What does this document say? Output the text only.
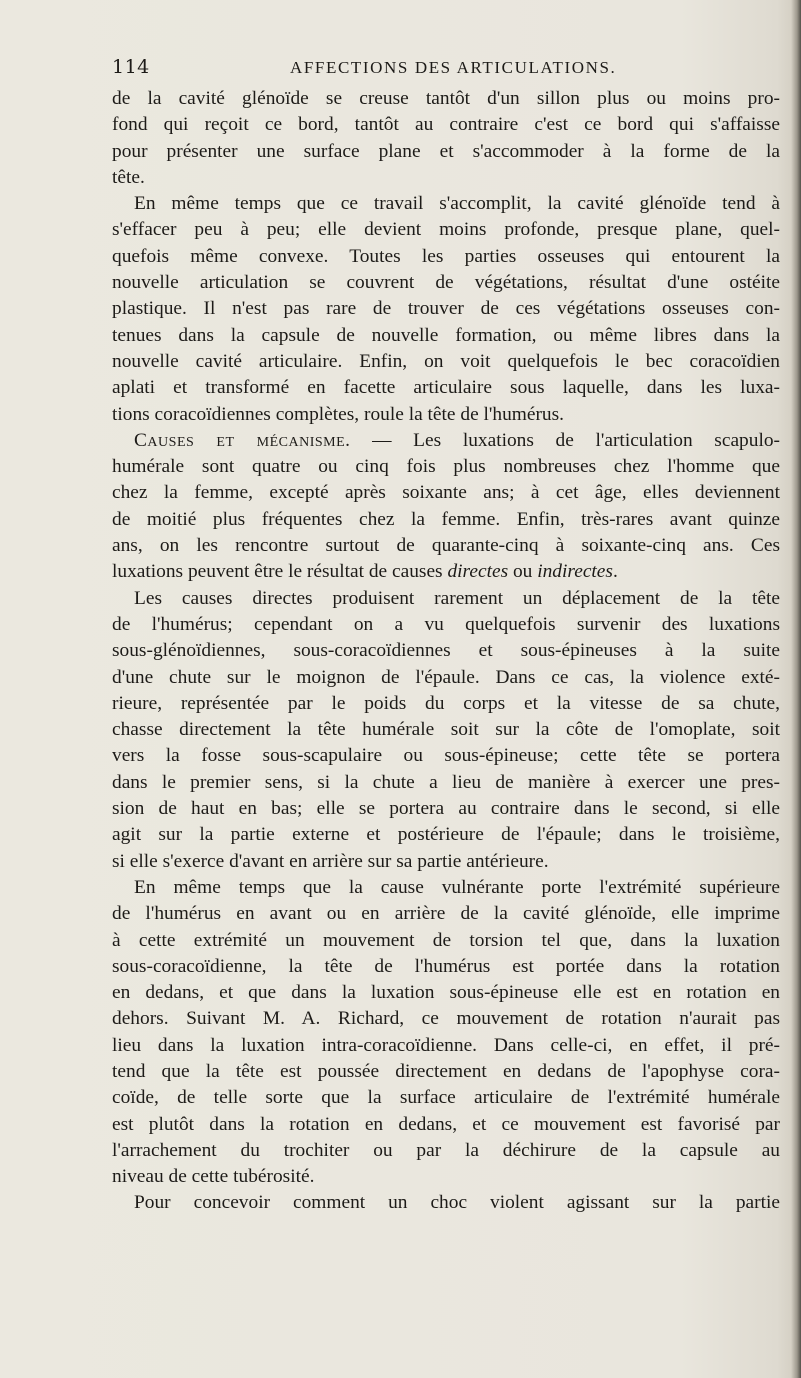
114	AFFECTIONS DES ARTICULATIONS.
de la cavité glénoïde se creuse tantôt d'un sillon plus ou moins pro-
fond qui reçoit ce bord, tantôt au contraire c'est ce bord qui s'affaisse
pour présenter une surface plane et s'accommoder à la forme de la
tête.
En même temps que ce travail s'accomplit, la cavité glénoïde tend à
s'effacer peu à peu; elle devient moins profonde, presque plane, quel-
quefois même convexe. Toutes les parties osseuses qui entourent la
nouvelle articulation se couvrent de végétations, résultat d'une ostéite
plastique. Il n'est pas rare de trouver de ces végétations osseuses con-
tenues dans la capsule de nouvelle formation, ou même libres dans la
nouvelle cavité articulaire. Enfin, on voit quelquefois le bec coracoïdien
aplati et transformé en facette articulaire sous laquelle, dans les luxa-
tions coracoïdiennes complètes, roule la tête de l'humérus.
Causes et mécanisme. — Les luxations de l'articulation scapulo-
humérale sont quatre ou cinq fois plus nombreuses chez l'homme que
chez la femme, excepté après soixante ans; à cet âge, elles deviennent
de moitié plus fréquentes chez la femme. Enfin, très-rares avant quinze
ans, on les rencontre surtout de quarante-cinq à soixante-cinq ans. Ces
luxations peuvent être le résultat de causes directes ou indirectes.
Les causes directes produisent rarement un déplacement de la tête
de l'humérus; cependant on a vu quelquefois survenir des luxations
sous-glénoïdiennes, sous-coracoïdiennes et sous-épineuses à la suite
d'une chute sur le moignon de l'épaule. Dans ce cas, la violence exté-
rieure, représentée par le poids du corps et la vitesse de sa chute,
chasse directement la tête humérale soit sur la côte de l'omoplate, soit
vers la fosse sous-scapulaire ou sous-épineuse; cette tête se portera
dans le premier sens, si la chute a lieu de manière à exercer une pres-
sion de haut en bas; elle se portera au contraire dans le second, si elle
agit sur la partie externe et postérieure de l'épaule; dans le troisième,
si elle s'exerce d'avant en arrière sur sa partie antérieure.
En même temps que la cause vulnérante porte l'extrémité supérieure
de l'humérus en avant ou en arrière de la cavité glénoïde, elle imprime
à cette extrémité un mouvement de torsion tel que, dans la luxation
sous-coracoïdienne, la tête de l'humérus est portée dans la rotation
en dedans, et que dans la luxation sous-épineuse elle est en rotation en
dehors. Suivant M. A. Richard, ce mouvement de rotation n'aurait pas
lieu dans la luxation intra-coracoïdienne. Dans celle-ci, en effet, il pré-
tend que la tête est poussée directement en dedans de l'apophyse cora-
coïde, de telle sorte que la surface articulaire de l'extrémité humérale
est plutôt dans la rotation en dedans, et ce mouvement est favorisé par
l'arrachement du trochiter ou par la déchirure de la capsule au
niveau de cette tubérosité.
Pour concevoir comment un choc violent agissant sur la partie
